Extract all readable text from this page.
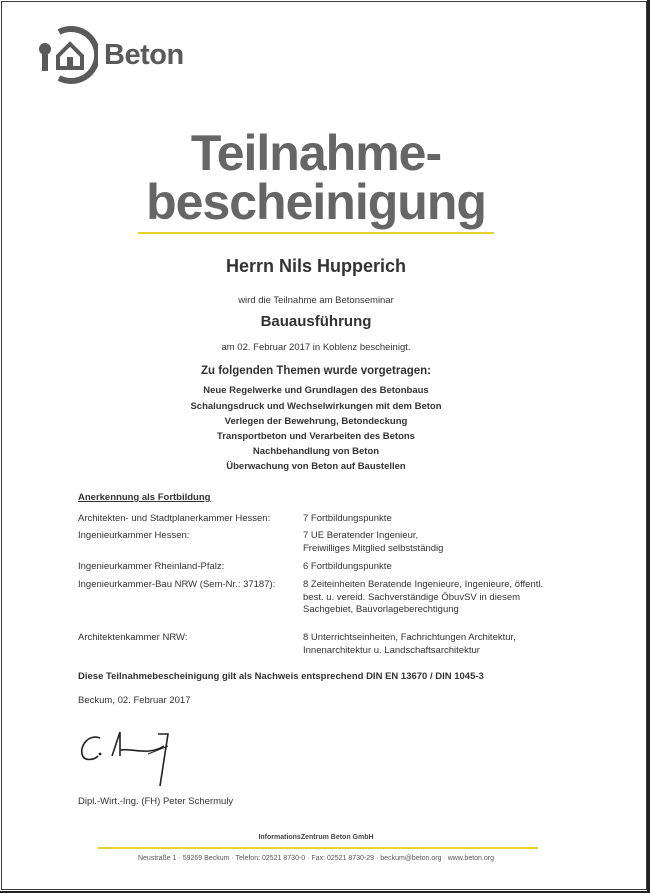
Beton
Teilnahme-
bescheinigung
Herrn Nils Hupperich
wird die Teilnahme am Betonseminar
Bauausführung
am 02. Februar 2017 in Koblenz bescheinigt.
Zu folgenden Themen wurde vorgetragen:
Neue Regelwerke und Grundlagen des Betonbaus
Schalungsdruck und Wechselwirkungen mit dem Beton
Verlegen der Bewehrung, Betondeckung
Transportbeton und Verarbeiten des Betons
Nachbehandlung von Beton
Überwachung von Beton auf Baustellen
Anerkennung als Fortbildung
Architekten- und Stadtplanerkammer Hessen:	7 Fortbildungspunkte
Ingenieurkammer Hessen:	7 UE Beratender Ingenieur,
Freiwilliges Mitglied selbstständig
Ingenieurkammer Rheinland-Pfalz:	6 Fortbildungspunkte
Ingenieurkammer-Bau NRW (Sem-Nr.: 37187):	8 Zeiteinheiten Beratende Ingenieure, Ingenieure, öffentl. best. u. vereid. Sachverständige ÖbuvSV in diesem Sachgebiet, Bauvorlageberechtigung
Architektenkammer NRW:	8 Unterrichtseinheiten, Fachrichtungen Architektur, Innenarchitektur u. Landschaftsarchitektur
Diese Teilnahmebescheinigung gilt als Nachweis entsprechend DIN EN 13670 / DIN 1045-3
Beckum, 02. Februar 2017
Dipl.-Wirt.-Ing. (FH) Peter Schermuly
InformationsZentrum Beton GmbH
Neustraße 1 · 59269 Beckum · Telefon: 02521 8730-0 · Fax: 02521 8730-29 · beckum@beton.org · www.beton.org
